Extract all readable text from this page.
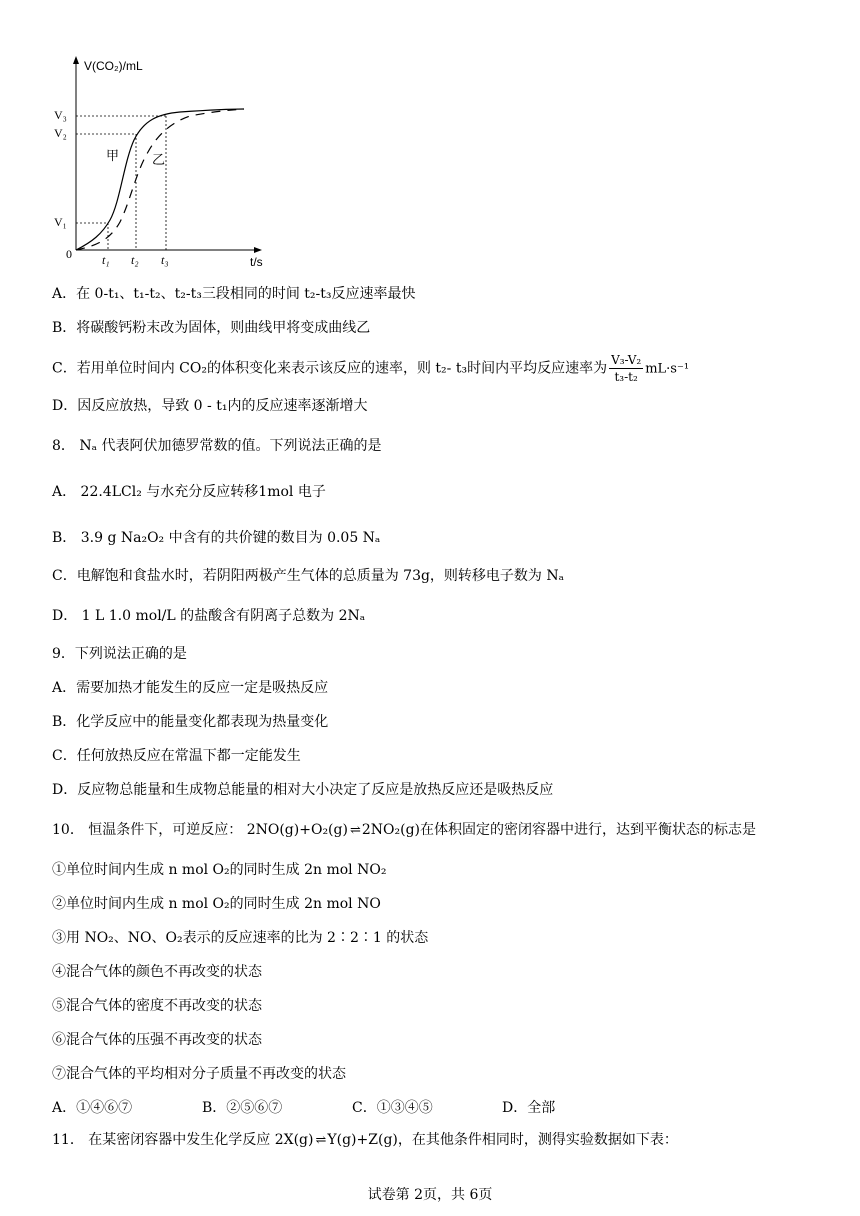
V(CO₂)/mL
t/s
0
V₃
V₂
V₁
t₁ t₂ t₃
甲	乙
A．在 0-t₁、t₁-t₂、t₂-t₃三段相同的时间 t₂-t₃反应速率最快
B．将碳酸钙粉末改为固体，则曲线甲将变成曲线乙
C．若用单位时间内 CO₂的体积变化来表示该反应的速率，则 t₂- t₃时间内平均反应速率为 $\frac{\text{V₃-V₂}}{\text{t₃-t₂}} mL\cdot s^{-1}$
D．因反应放热，导致 0 - t₁内的反应速率逐渐增大
8． Nₐ 代表阿伏加德罗常数的值。下列说法正确的是
A． 22.4LCl₂ 与水充分反应转移1mol 电子
B． 3.9 g Na₂O₂ 中含有的共价键的数目为 0.05 Nₐ
C．电解饱和食盐水时，若阴阳两极产生气体的总质量为 73g，则转移电子数为 Nₐ
D． 1 L 1.0 mol/L 的盐酸含有阴离子总数为 2Nₐ
9．下列说法正确的是
A．需要加热才能发生的反应一定是吸热反应
B．化学反应中的能量变化都表现为热量变化
C．任何放热反应在常温下都一定能发生
D．反应物总能量和生成物总能量的相对大小决定了反应是放热反应还是吸热反应
10． 恒温条件下，可逆反应： 2NO(g)+O₂(g) ⇌ 2NO₂(g)在体积固定的密闭容器中进行，达到平衡状态的标志是
①单位时间内生成 n mol O₂的同时生成 2n mol NO₂
②单位时间内生成 n mol O₂的同时生成 2n mol NO
③用 NO₂、NO、O₂表示的反应速率的比为 2∶2∶1 的状态
④混合气体的颜色不再改变的状态
⑤混合气体的密度不再改变的状态
⑥混合气体的压强不再改变的状态
⑦混合气体的平均相对分子质量不再改变的状态
A．①④⑥⑦	B．②⑤⑥⑦	C．①③④⑤	D．全部
11． 在某密闭容器中发生化学反应 2X(g) ⇌ Y(g)+Z(g)，在其他条件相同时，测得实验数据如下表：
试卷第 2页，共 6页
